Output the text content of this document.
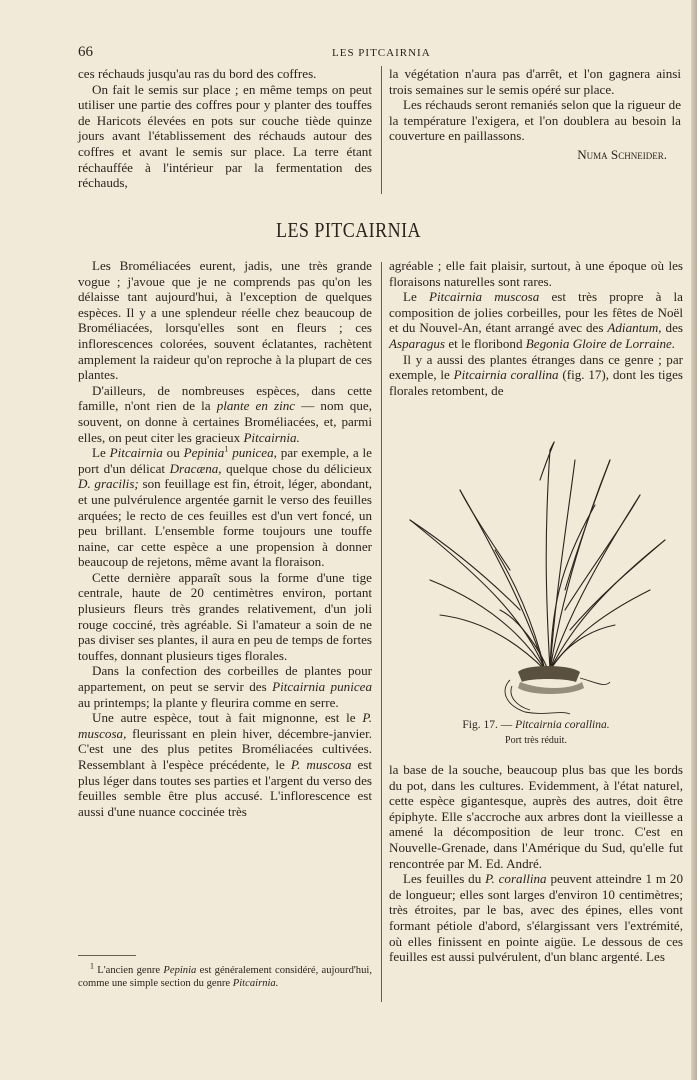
66	LES PITCAIRNIA

ces réchauds jusqu'au ras du bord des coffres.

On fait le semis sur place ; en même temps on peut utiliser une partie des coffres pour y planter des touffes de Haricots élevées en pots sur couche tiède quinze jours avant l'établissement des réchauds autour des coffres et avant le semis sur place. La terre étant réchauffée à l'intérieur par la fermentation des réchauds,

la végétation n'aura pas d'arrêt, et l'on gagnera ainsi trois semaines sur le semis opéré sur place.

Les réchauds seront remaniés selon que la rigueur de la température l'exigera, et l'on doublera au besoin la couverture en paillassons.

Numa Schneider.

LES PITCAIRNIA

Les Broméliacées eurent, jadis, une très grande vogue ; j'avoue que je ne comprends pas qu'on les délaisse tant aujourd'hui, à l'exception de quelques espèces. Il y a une splendeur réelle chez beaucoup de Broméliacées, lorsqu'elles sont en fleurs ; ces inflorescences colorées, souvent éclatantes, rachètent amplement la raideur qu'on reproche à la plupart de ces plantes.

D'ailleurs, de nombreuses espèces, dans cette famille, n'ont rien de la plante en zinc — nom que, souvent, on donne à certaines Broméliacées, et, parmi elles, on peut citer les gracieux Pitcairnia.

Le Pitcairnia ou Pepinia$^1$ punicea, par exemple, a le port d'un délicat Dracæna, quelque chose du délicieux D. gracilis; son feuillage est fin, étroit, léger, abondant, et une pulvérulence argentée garnit le verso des feuilles arquées; le recto de ces feuilles est d'un vert foncé, un peu brillant. L'ensemble forme toujours une touffe naine, car cette espèce a une propension à donner beaucoup de rejetons, même avant la floraison.

Cette dernière apparaît sous la forme d'une tige centrale, haute de 20 centimètres environ, portant plusieurs fleurs très grandes relativement, d'un joli rouge cocciné, très agréable. Si l'amateur a soin de ne pas diviser ses plantes, il aura en peu de temps de fortes touffes, donnant plusieurs tiges florales.

Dans la confection des corbeilles de plantes pour appartement, on peut se servir des Pitcairnia punicea au printemps; la plante y fleurira comme en serre.

Une autre espèce, tout à fait mignonne, est le P. muscosa, fleurissant en plein hiver, décembre-janvier. C'est une des plus petites Broméliacées cultivées. Ressemblant à l'espèce précédente, le P. muscosa est plus léger dans toutes ses parties et l'argent du verso des feuilles semble être plus accusé. L'inflorescence est aussi d'une nuance coccinée très

agréable ; elle fait plaisir, surtout, à une époque où les floraisons naturelles sont rares.

Le Pitcairnia muscosa est très propre à la composition de jolies corbeilles, pour les fêtes de Noël et du Nouvel-An, étant arrangé avec des Adiantum, des Asparagus et le floribond Begonia Gloire de Lorraine.

Il y a aussi des plantes étranges dans ce genre ; par exemple, le Pitcairnia corallina (fig. 17), dont les tiges florales retombent, de

Fig. 17. — Pitcairnia corallina.
Port très réduit.

la base de la souche, beaucoup plus bas que les bords du pot, dans les cultures. Evidemment, à l'état naturel, cette espèce gigantesque, auprès des autres, doit être épiphyte. Elle s'accroche aux arbres dont la vieillesse a amené la décomposition de leur tronc. C'est en Nouvelle-Grenade, dans l'Amérique du Sud, qu'elle fut rencontrée par M. Ed. André.

Les feuilles du P. corallina peuvent atteindre 1 m 20 de longueur; elles sont larges d'environ 10 centimètres; très étroites, par le bas, avec des épines, elles vont formant pétiole d'abord, s'élargissant vers l'extrémité, où elles finissent en pointe aigüe. Le dessous de ces feuilles est aussi pulvérulent, d'un blanc argenté. Les

$^1$ L'ancien genre Pepinia est généralement considéré, aujourd'hui, comme une simple section du genre Pitcairnia.
